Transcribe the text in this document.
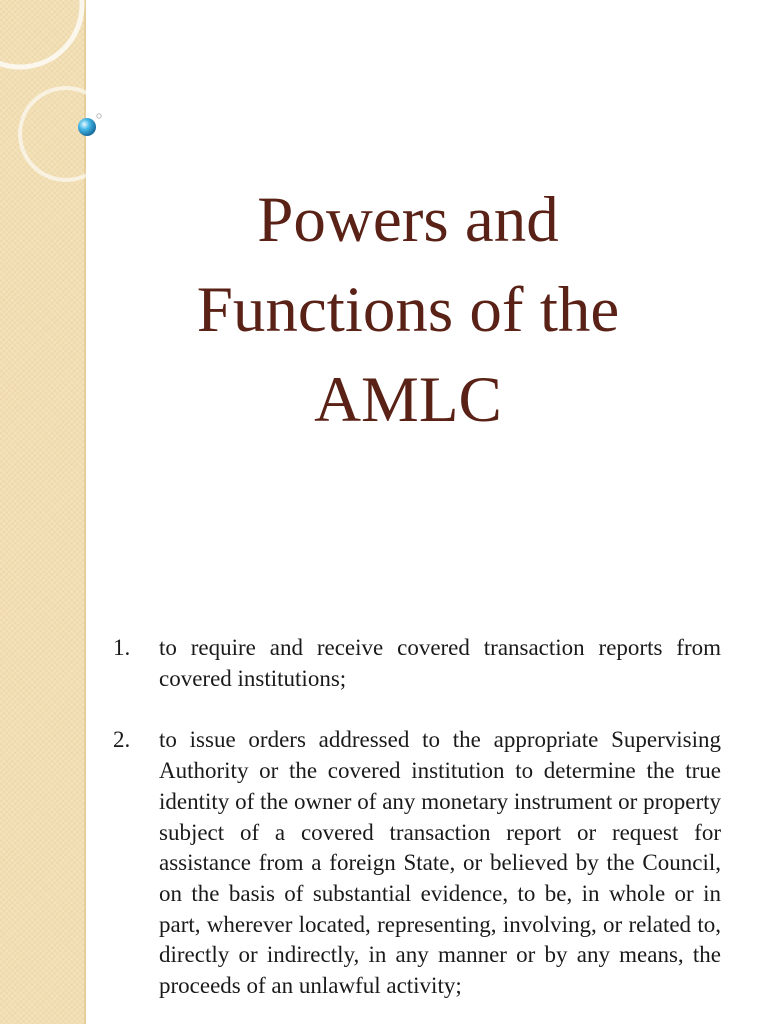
Powers and
Functions of the
AMLC
1.	to require and receive covered transaction reports from covered institutions;
2.	to issue orders addressed to the appropriate Supervising Authority or the covered institution to determine the true identity of the owner of any monetary instrument or property subject of a covered transaction report or request for assistance from a foreign State, or believed by the Council, on the basis of substantial evidence, to be, in whole or in part, wherever located, representing, involving, or related to, directly or indirectly, in any manner or by any means, the proceeds of an unlawful activity;
